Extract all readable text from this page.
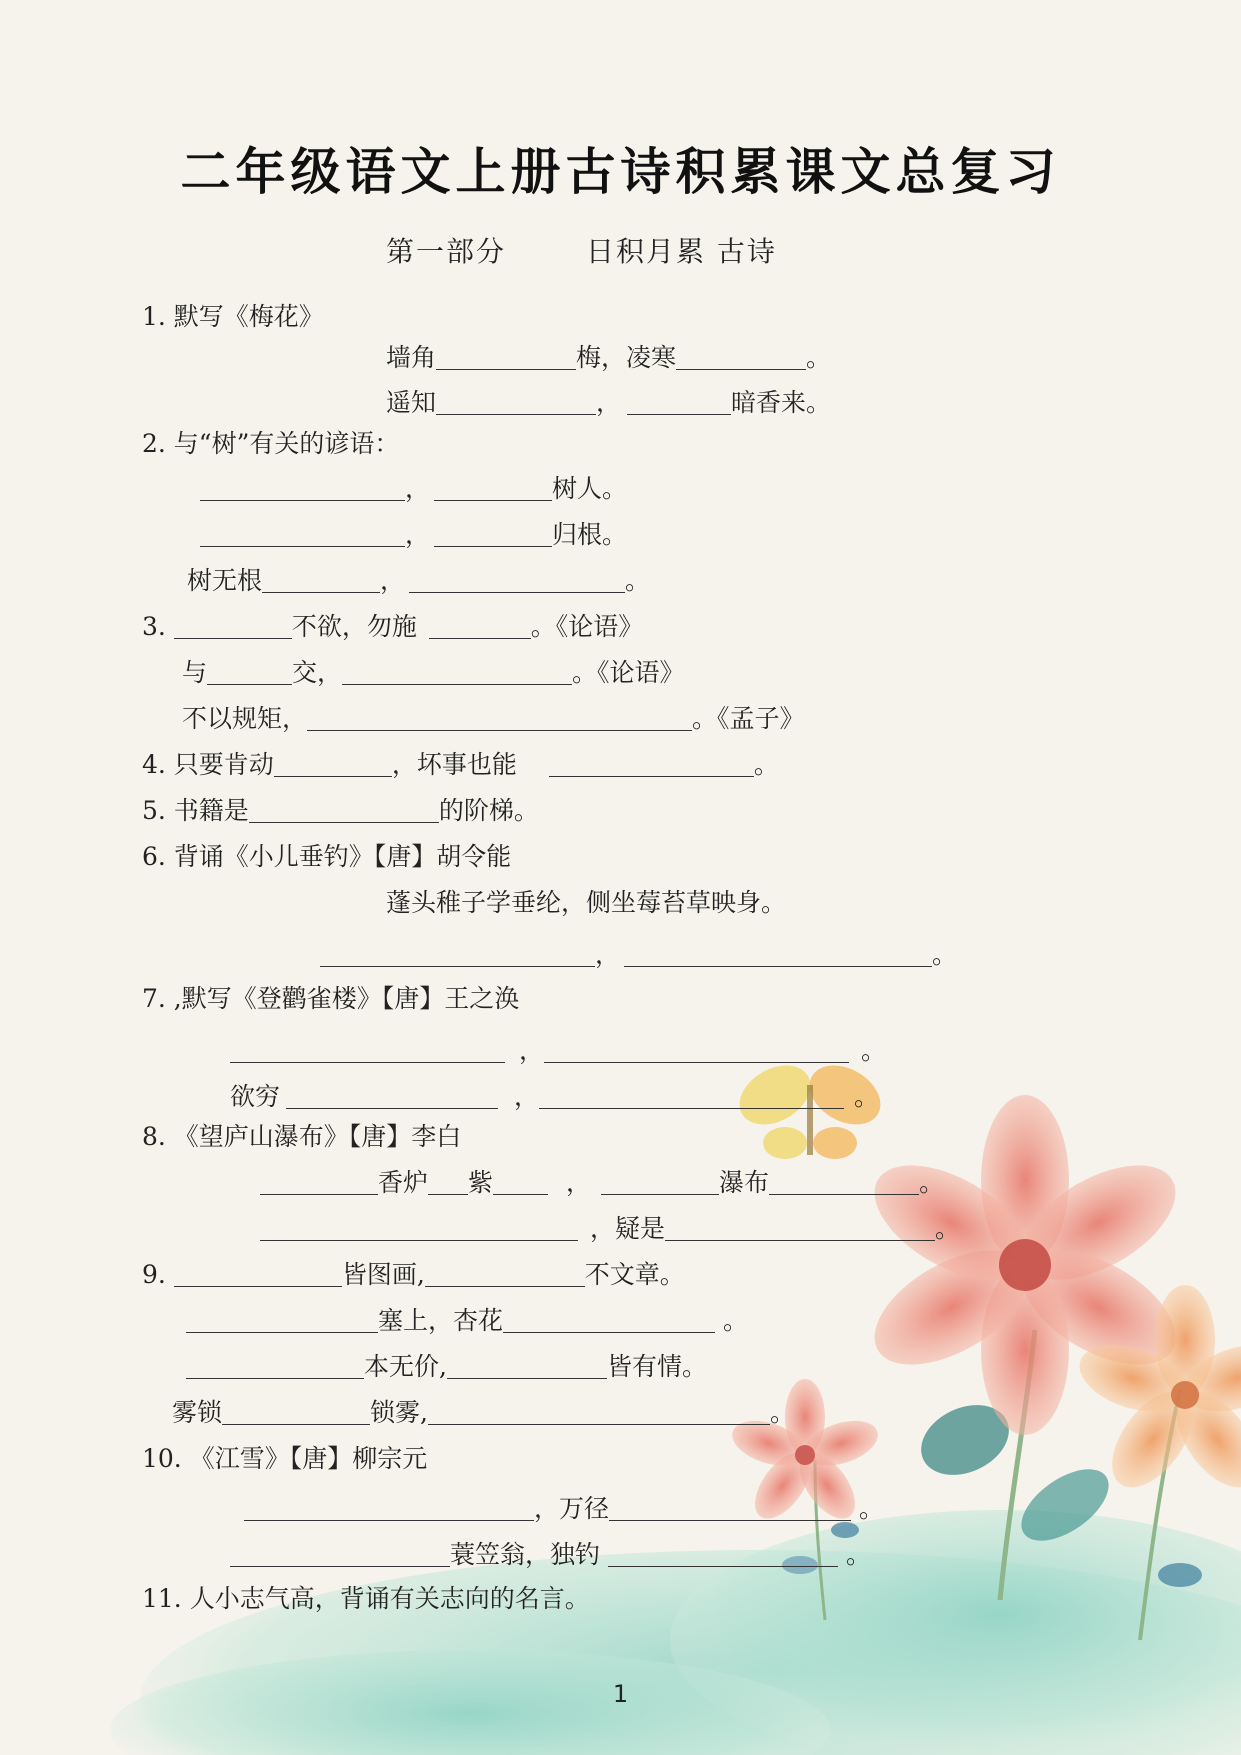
二年级语文上册古诗积累课文总复习
第一部分	日积月累 古诗
1. 默写《梅花》
墙角	梅，凌寒	。
遥知	，	暗香来。
2. 与“树”有关的谚语：
，	树人。
，	归根。
树无根	，	。
3.	不欲，勿施	。《论语》
与	交，	。《论语》
不以规矩，	。《孟子》
4. 只要肯动	，坏事也能	。
5. 书籍是	的阶梯。
6. 背诵《小儿垂钓》【唐】胡令能
蓬头稚子学垂纶，侧坐莓苔草映身。
，	。
7. ,默写《登鹳雀楼》【唐】王之涣
，	。
欲穷	，	。
8. 《望庐山瀑布》【唐】李白
香炉 紫	，	瀑布	。
，疑是	。
9.	皆图画,	不文章。
塞上，杏花	。
本无价,	皆有情。
雾锁	锁雾,	。
10. 《江雪》【唐】柳宗元
，万径	。
蓑笠翁，独钓	。
11. 人小志气高，背诵有关志向的名言。
1
